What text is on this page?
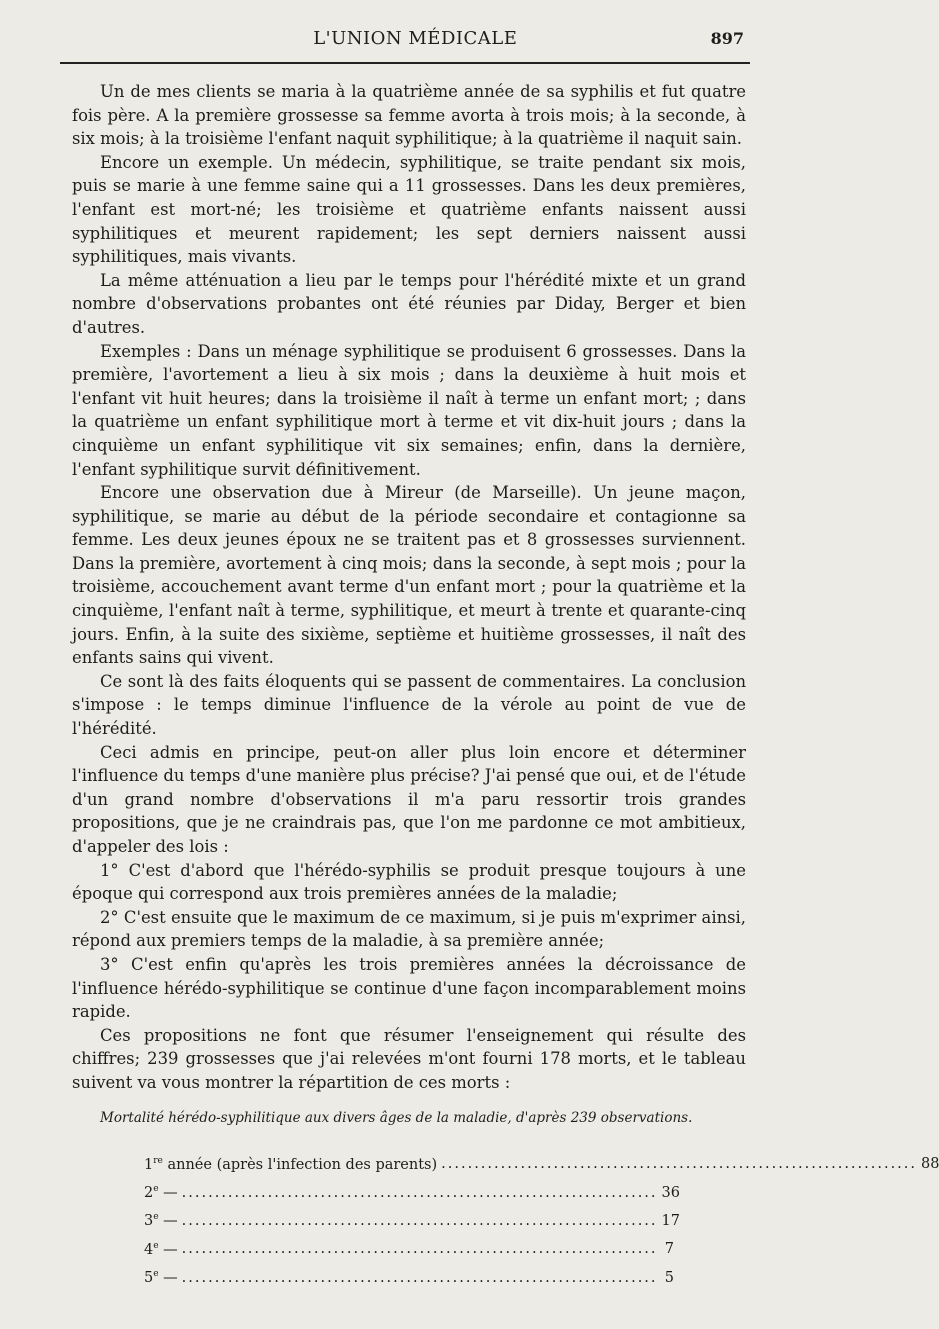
L'UNION MÉDICALE	897

Un de mes clients se maria à la quatrième année de sa syphilis et fut quatre fois père. A la première grossesse sa femme avorta à trois mois; à la seconde, à six mois; à la troisième l'enfant naquit syphilitique; à la quatrième il naquit sain.

Encore un exemple. Un médecin, syphilitique, se traite pendant six mois, puis se marie à une femme saine qui a 11 grossesses. Dans les deux premières, l'enfant est mort-né; les troisième et quatrième enfants naissent aussi syphilitiques et meurent rapidement; les sept derniers naissent aussi syphilitiques, mais vivants.

La même atténuation a lieu par le temps pour l'hérédité mixte et un grand nombre d'observations probantes ont été réunies par Diday, Berger et bien d'autres.

Exemples : Dans un ménage syphilitique se produisent 6 grossesses. Dans la première, l'avortement a lieu à six mois ; dans la deuxième à huit mois et l'enfant vit huit heures; dans la troisième il naît à terme un enfant mort; ; dans la quatrième un enfant syphilitique mort à terme et vit dix-huit jours ; dans la cinquième un enfant syphilitique vit six semaines; enfin, dans la dernière, l'enfant syphilitique survit définitivement.

Encore une observation due à Mireur (de Marseille). Un jeune maçon, syphilitique, se marie au début de la période secondaire et contagionne sa femme. Les deux jeunes époux ne se traitent pas et 8 grossesses surviennent. Dans la première, avortement à cinq mois; dans la seconde, à sept mois ; pour la troisième, accouchement avant terme d'un enfant mort ; pour la quatrième et la cinquième, l'enfant naît à terme, syphilitique, et meurt à trente et quarante-cinq jours. Enfin, à la suite des sixième, septième et huitième grossesses, il naît des enfants sains qui vivent.

Ce sont là des faits éloquents qui se passent de commentaires. La conclusion s'impose : le temps diminue l'influence de la vérole au point de vue de l'hérédité.

Ceci admis en principe, peut-on aller plus loin encore et déterminer l'influence du temps d'une manière plus précise? J'ai pensé que oui, et de l'étude d'un grand nombre d'observations il m'a paru ressortir trois grandes propositions, que je ne craindrais pas, que l'on me pardonne ce mot ambitieux, d'appeler des lois :

1° C'est d'abord que l'hérédo-syphilis se produit presque toujours à une époque qui correspond aux trois premières années de la maladie;

2° C'est ensuite que le maximum de ce maximum, si je puis m'exprimer ainsi, répond aux premiers temps de la maladie, à sa première année;

3° C'est enfin qu'après les trois premières années la décroissance de l'influence hérédo-syphilitique se continue d'une façon incomparablement moins rapide.

Ces propositions ne font que résumer l'enseignement qui résulte des chiffres; 239 grossesses que j'ai relevées m'ont fourni 178 morts, et le tableau suivent va vous montrer la répartition de ces morts :

Mortalité hérédo-syphilitique aux divers âges de la maladie, d'après 239 observations.
1re année (après l'infection des parents) ........................................................................ 88
2e — ........................................................................ 36
3e — ........................................................................ 17
4e — ........................................................................ 7
5e — ........................................................................ 5
